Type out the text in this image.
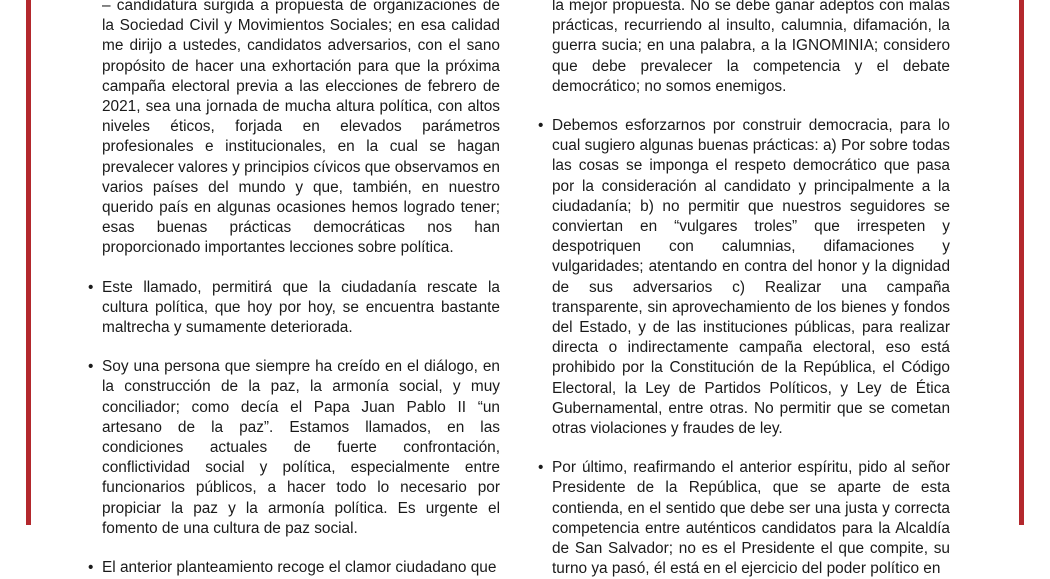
– candidatura surgida a propuesta de organizaciones de la Sociedad Civil y Movimientos Sociales; en esa calidad me dirijo a ustedes, candidatos adversarios, con el sano propósito de hacer una exhortación para que la próxima campaña electoral previa a las elecciones de febrero de 2021, sea una jornada de mucha altura política, con altos niveles éticos, forjada en elevados parámetros profesionales e institucionales, en la cual se hagan prevalecer valores y principios cívicos que observamos en varios países del mundo y que, también, en nuestro querido país en algunas ocasiones hemos logrado tener; esas buenas prácticas democráticas nos han proporcionado importantes lecciones sobre política.

• Este llamado, permitirá que la ciudadanía rescate la cultura política, que hoy por hoy, se encuentra bastante maltrecha y sumamente deteriorada.

• Soy una persona que siempre ha creído en el diálogo, en la construcción de la paz, la armonía social, y muy conciliador; como decía el Papa Juan Pablo II “un artesano de la paz”. Estamos llamados, en las condiciones actuales de fuerte confrontación, conflictividad social y política, especialmente entre funcionarios públicos, a hacer todo lo necesario por propiciar la paz y la armonía política. Es urgente el fomento de una cultura de paz social.

• El anterior planteamiento recoge el clamor ciudadano que

la mejor propuesta. No se debe ganar adeptos con malas prácticas, recurriendo al insulto, calumnia, difamación, la guerra sucia; en una palabra, a la IGNOMINIA; considero que debe prevalecer la competencia y el debate democrático; no somos enemigos.

• Debemos esforzarnos por construir democracia, para lo cual sugiero algunas buenas prácticas: a) Por sobre todas las cosas se imponga el respeto democrático que pasa por la consideración al candidato y principalmente a la ciudadanía; b) no permitir que nuestros seguidores se conviertan en “vulgares troles” que irrespeten y despotriquen con calumnias, difamaciones y vulgaridades; atentando en contra del honor y la dignidad de sus adversarios c) Realizar una campaña transparente, sin aprovechamiento de los bienes y fondos del Estado, y de las instituciones públicas, para realizar directa o indirectamente campaña electoral, eso está prohibido por la Constitución de la República, el Código Electoral, la Ley de Partidos Políticos, y Ley de Ética Gubernamental, entre otras. No permitir que se cometan otras violaciones y fraudes de ley.

• Por último, reafirmando el anterior espíritu, pido al señor Presidente de la República, que se aparte de esta contienda, en el sentido que debe ser una justa y correcta competencia entre auténticos candidatos para la Alcaldía de San Salvador; no es el Presidente el que compite, su turno ya pasó, él está en el ejercicio del poder político en
